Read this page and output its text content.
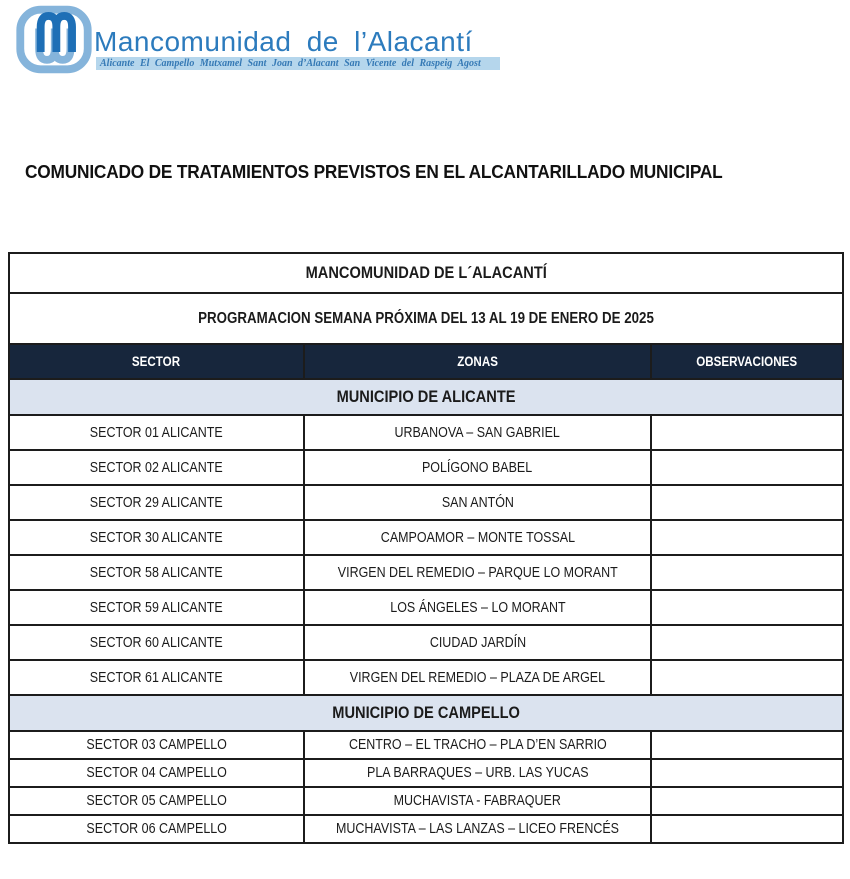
Mancomunidad de l’Alacantí
Alicante El Campello Mutxamel Sant Joan d’Alacant San Vicente del Raspeig Agost
COMUNICADO DE TRATAMIENTOS PREVISTOS EN EL ALCANTARILLADO MUNICIPAL
MANCOMUNIDAD DE L´ALACANTÍ		
PROGRAMACION SEMANA PRÓXIMA DEL 13 AL 19 DE ENERO DE 2025		
SECTOR	ZONAS	OBSERVACIONES
MUNICIPIO DE ALICANTE		
SECTOR 01 ALICANTE	URBANOVA – SAN GABRIEL	
SECTOR 02 ALICANTE	POLÍGONO BABEL	
SECTOR 29 ALICANTE	SAN ANTÓN	
SECTOR 30 ALICANTE	CAMPOAMOR – MONTE TOSSAL	
SECTOR 58 ALICANTE	VIRGEN DEL REMEDIO – PARQUE LO MORANT	
SECTOR 59 ALICANTE	LOS ÁNGELES – LO MORANT	
SECTOR 60 ALICANTE	CIUDAD JARDÍN	
SECTOR 61 ALICANTE	VIRGEN DEL REMEDIO – PLAZA DE ARGEL	
MUNICIPIO DE CAMPELLO		
SECTOR 03 CAMPELLO	CENTRO – EL TRACHO – PLA D’EN SARRIO	
SECTOR 04 CAMPELLO	PLA BARRAQUES – URB. LAS YUCAS	
SECTOR 05 CAMPELLO	MUCHAVISTA - FABRAQUER	
SECTOR 06 CAMPELLO	MUCHAVISTA – LAS LANZAS – LICEO FRENCÉS	
